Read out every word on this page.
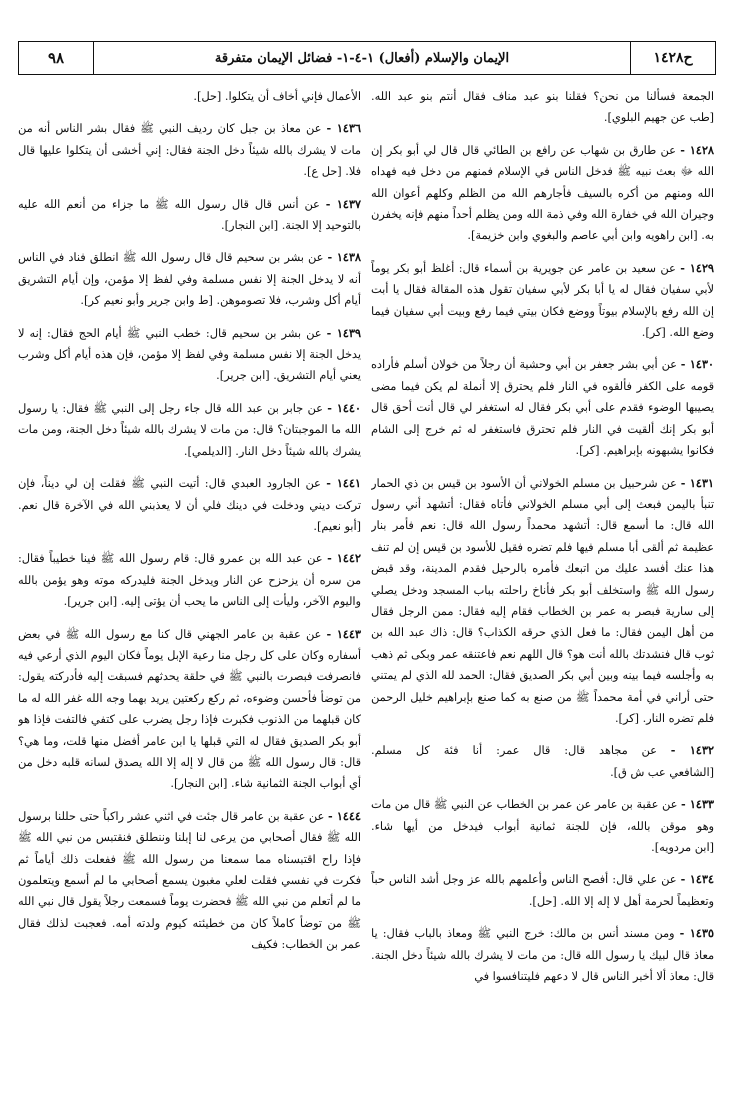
٩٨	الإيمان والإسلام (أفعال) ١-٤-١- فضائل الإيمان متفرقة	ح١٤٢٨

الجمعة فسألنا من نحن؟ فقلنا بنو عبد مناف فقال أنتم بنو عبد الله. [طب عن جهيم البلوي].

١٤٢٨ - عن طارق بن شهاب عن رافع بن الطائي قال قال لي أبو بكر إن الله ﷻ بعث نبيه ﷺ فدخل الناس في الإسلام فمنهم من دخل فيه فهداه الله ومنهم من أكره بالسيف فأجارهم الله من الظلم وكلهم أعوان الله وجيران الله في خفارة الله وفي ذمة الله ومن يظلم أحداً منهم فإنه يخفرن به. [ابن راهويه وابن أبي عاصم والبغوي وابن خزيمة].

١٤٢٩ - عن سعيد بن عامر عن جويرية بن أسماء قال: أغلظ أبو بكر يوماً لأبي سفيان فقال له يا أبا بكر لأبي سفيان تقول هذه المقالة فقال يا أبت إن الله رفع بالإسلام بيوتاً ووضع فكان بيتي فيما رفع وبيت أبي سفيان فيما وضع الله. [كر].

١٤٣٠ - عن أبي بشر جعفر بن أبي وحشية أن رجلاً من خولان أسلم فأراده قومه على الكفر فألقوه في النار فلم يحترق إلا أنملة لم يكن فيما مضى يصيبها الوضوء فقدم على أبي بكر فقال له استغفر لي قال أنت أحق قال أبو بكر إنك ألقيت في النار فلم تحترق فاستغفر له ثم خرج إلى الشام فكانوا يشبهونه بإبراهيم. [كر].

١٤٣١ - عن شرحبيل بن مسلم الخولاني أن الأسود بن قيس بن ذي الحمار تنبأ باليمن فبعث إلى أبي مسلم الخولاني فأتاه فقال: أتشهد أني رسول الله قال: ما أسمع قال: أتشهد محمداً رسول الله قال: نعم فأمر بنار عظيمة ثم ألقى أبا مسلم فيها فلم تضره فقيل للأسود بن قيس إن لم تنف هذا عنك أفسد عليك من اتبعك فأمره بالرحيل فقدم المدينة، وقد قبض رسول الله ﷺ واستخلف أبو بكر فأناخ راحلته بباب المسجد ودخل يصلي إلى سارية فبصر به عمر بن الخطاب فقام إليه فقال: ممن الرجل فقال من أهل اليمن فقال: ما فعل الذي حرقه الكذاب؟ قال: ذاك عبد الله بن ثوب قال فنشدتك بالله أنت هو؟ قال اللهم نعم فاعتنقه عمر وبكى ثم ذهب به وأجلسه فيما بينه وبين أبي بكر الصديق فقال: الحمد لله الذي لم يمتني حتى أراني في أمة محمداً ﷺ من صنع به كما صنع بإبراهيم خليل الرحمن فلم تضره النار. [كر].

١٤٣٢ - عن مجاهد قال: قال عمر: أنا فئة كل مسلم. [الشافعي عب ش ق].

١٤٣٣ - عن عقبة بن عامر عن عمر بن الخطاب عن النبي ﷺ قال من مات وهو موقن بالله، فإن للجنة ثمانية أبواب فيدخل من أيها شاء. [ابن مردويه].

١٤٣٤ - عن علي قال: أفصح الناس وأعلمهم بالله عز وجل أشد الناس حباً وتعظيماً لحرمة أهل لا إله إلا الله. [حل].

١٤٣٥ - ومن مسند أنس بن مالك: خرج النبي ﷺ ومعاذ بالباب فقال: يا معاذ قال لبيك يا رسول الله قال: من مات لا يشرك بالله شيئاً دخل الجنة. قال: معاذ ألا أخبر الناس قال لا دعهم فليتنافسوا في

الأعمال فإني أخاف أن يتكلوا. [حل].

١٤٣٦ - عن معاذ بن جبل كان رديف النبي ﷺ فقال بشر الناس أنه من مات لا يشرك بالله شيئاً دخل الجنة فقال: إني أخشى أن يتكلوا عليها قال فلا. [حل ع].

١٤٣٧ - عن أنس قال قال رسول الله ﷺ ما جزاء من أنعم الله عليه بالتوحيد إلا الجنة. [ابن النجار].

١٤٣٨ - عن بشر بن سحيم قال قال رسول الله ﷺ انطلق فناد في الناس أنه لا يدخل الجنة إلا نفس مسلمة وفي لفظ إلا مؤمن، وإن أيام التشريق أيام أكل وشرب، فلا تصوموهن. [ط وابن جرير وأبو نعيم كر].

١٤٣٩ - عن بشر بن سحيم قال: خطب النبي ﷺ أيام الحج فقال: إنه لا يدخل الجنة إلا نفس مسلمة وفي لفظ إلا مؤمن، فإن هذه أيام أكل وشرب يعني أيام التشريق. [ابن جرير].

١٤٤٠ - عن جابر بن عبد الله قال جاء رجل إلى النبي ﷺ فقال: يا رسول الله ما الموجبتان؟ قال: من مات لا يشرك بالله شيئاً دخل الجنة، ومن مات يشرك بالله شيئاً دخل النار. [الديلمي].

١٤٤١ - عن الجارود العبدي قال: أتيت النبي ﷺ فقلت إن لي ديناً، فإن تركت ديني ودخلت في دينك فلي أن لا يعذبني الله في الآخرة قال نعم. [أبو نعيم].

١٤٤٢ - عن عبد الله بن عمرو قال: قام رسول الله ﷺ فينا خطيباً فقال: من سره أن يزحزح عن النار ويدخل الجنة فليدركه موته وهو يؤمن بالله واليوم الآخر، وليأت إلى الناس ما يحب أن يؤتى إليه. [ابن جرير].

١٤٤٣ - عن عقبة بن عامر الجهني قال كنا مع رسول الله ﷺ في بعض أسفاره وكان على كل رجل منا رعية الإبل يوماً فكان اليوم الذي أرعي فيه فانصرفت فبصرت بالنبي ﷺ في حلقة يحدثهم فسبقت إليه فأدركته يقول: من توضأ فأحسن وضوءه، ثم ركع ركعتين يريد بهما وجه الله غفر الله له ما كان قبلهما من الذنوب فكبرت فإذا رجل يضرب على كتفي فالتفت فإذا هو أبو بكر الصديق فقال له التي قبلها يا ابن عامر أفضل منها قلت، وما هي؟ قال: قال رسول الله ﷺ من قال لا إله إلا الله يصدق لسانه قلبه دخل من أي أبواب الجنة الثمانية شاء. [ابن النجار].

١٤٤٤ - عن عقبة بن عامر قال جئت في اثني عشر راكباً حتى حللنا برسول الله ﷺ فقال أصحابي من يرعى لنا إبلنا وننطلق فنقتبس من نبي الله ﷺ فإذا راح اقتبسناه مما سمعنا من رسول الله ﷺ ففعلت ذلك أياماً ثم فكرت في نفسي فقلت لعلي مغبون يسمع أصحابي ما لم أسمع ويتعلمون ما لم أتعلم من نبي الله ﷺ فحضرت يوماً فسمعت رجلاً يقول قال نبي الله ﷺ من توضأ كاملاً كان من خطيئته كيوم ولدته أمه. فعجبت لذلك فقال عمر بن الخطاب: فكيف
